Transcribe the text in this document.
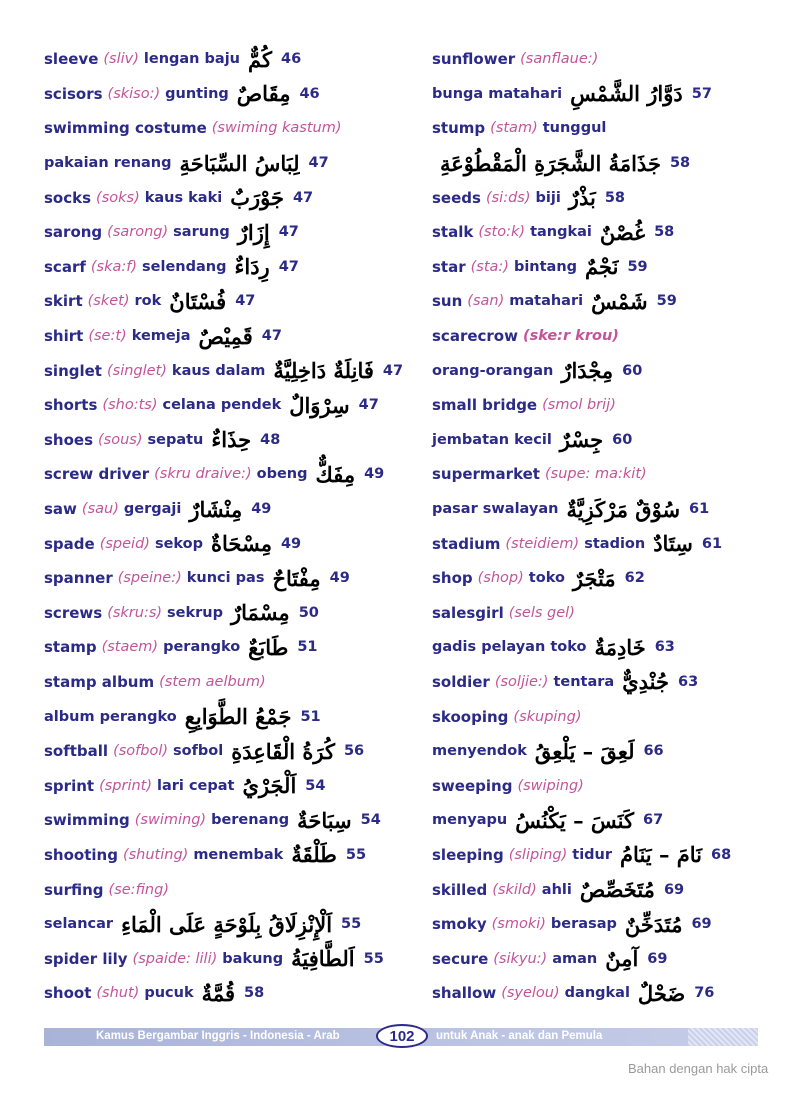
sleeve (sliv) lengan baju كُمٌّ 46
scisors (skiso:) gunting مِقَاصٌ 46
swimming costume (swiming kastum)
pakaian renang لِبَاسُ السِّبَاحَةِ 47
socks (soks) kaus kaki جَوْرَبٌ 47
sarong (sarong) sarung إِزَارٌ 47
scarf (ska:f) selendang رِدَاءٌ 47
skirt (sket) rok فُسْتَانٌ 47
shirt (se:t) kemeja قَمِيْصٌ 47
singlet (singlet) kaus dalam فَانِلَةٌ دَاخِلِيَّةٌ 47
shorts (sho:ts) celana pendek سِرْوَالٌ 47
shoes (sous) sepatu حِذَاءٌ 48
screw driver (skru draive:) obeng مِفَكٌّ 49
saw (sau) gergaji مِنْشَارٌ 49
spade (speid) sekop مِسْحَاةٌ 49
spanner (speine:) kunci pas مِفْتَاحٌ 49
screws (skru:s) sekrup مِسْمَارٌ 50
stamp (staem) perangko طَابَعٌ 51
stamp album (stem aelbum)
album perangko جَمْعُ الطَّوَابِعِ 51
softball (sofbol) sofbol كُرَةُ الْقَاعِدَةِ 56
sprint (sprint) lari cepat اَلْجَرْيُ 54
swimming (swiming) berenang سِبَاحَةٌ 54
shooting (shuting) menembak طَلْقَةٌ 55
surfing (se:fing)
selancar اَلْإِنْزِلَاقُ بِلَوْحَةٍ عَلَى الْمَاءِ 55
spider lily (spaide: lili) bakung اَلطَّافِيَةُ 55
shoot (shut) pucuk قُمَّةٌ 58
sunflower (sanflaue:)
bunga matahari دَوَّارُ الشَّمْسِ 57
stump (stam) tunggul
جَذَامَةُ الشَّجَرَةِ الْمَقْطُوْعَةِ 58
seeds (si:ds) biji بَذْرٌ 58
stalk (sto:k) tangkai غُصْنٌ 58
star (sta:) bintang نَجْمٌ 59
sun (san) matahari شَمْسٌ 59
scarecrow (ske:r krou)
orang-orangan مِجْدَارٌ 60
small bridge (smol brij)
jembatan kecil جِسْرٌ 60
supermarket (supe: ma:kit)
pasar swalayan سُوْقٌ مَرْكَزِيَّةٌ 61
stadium (steidiem) stadion سِتَادٌ 61
shop (shop) toko مَتْجَرٌ 62
salesgirl (sels gel)
gadis pelayan toko خَادِمَةٌ 63
soldier (soljie:) tentara جُنْدِيٌّ 63
skooping (skuping)
menyendok لَعِقَ – يَلْعِقُ 66
sweeping (swiping)
menyapu كَنَسَ – يَكْنُسُ 67
sleeping (sliping) tidur نَامَ – يَنَامُ 68
skilled (skild) ahli مُتَخَصِّصٌ 69
smoky (smoki) berasap مُتَدَخِّنٌ 69
secure (sikyu:) aman آمِنٌ 69
shallow (syelou) dangkal ضَحْلٌ 76
Kamus Bergambar Inggris - Indonesia - Arab	102	untuk Anak - anak dan Pemula
Bahan dengan hak cipta
